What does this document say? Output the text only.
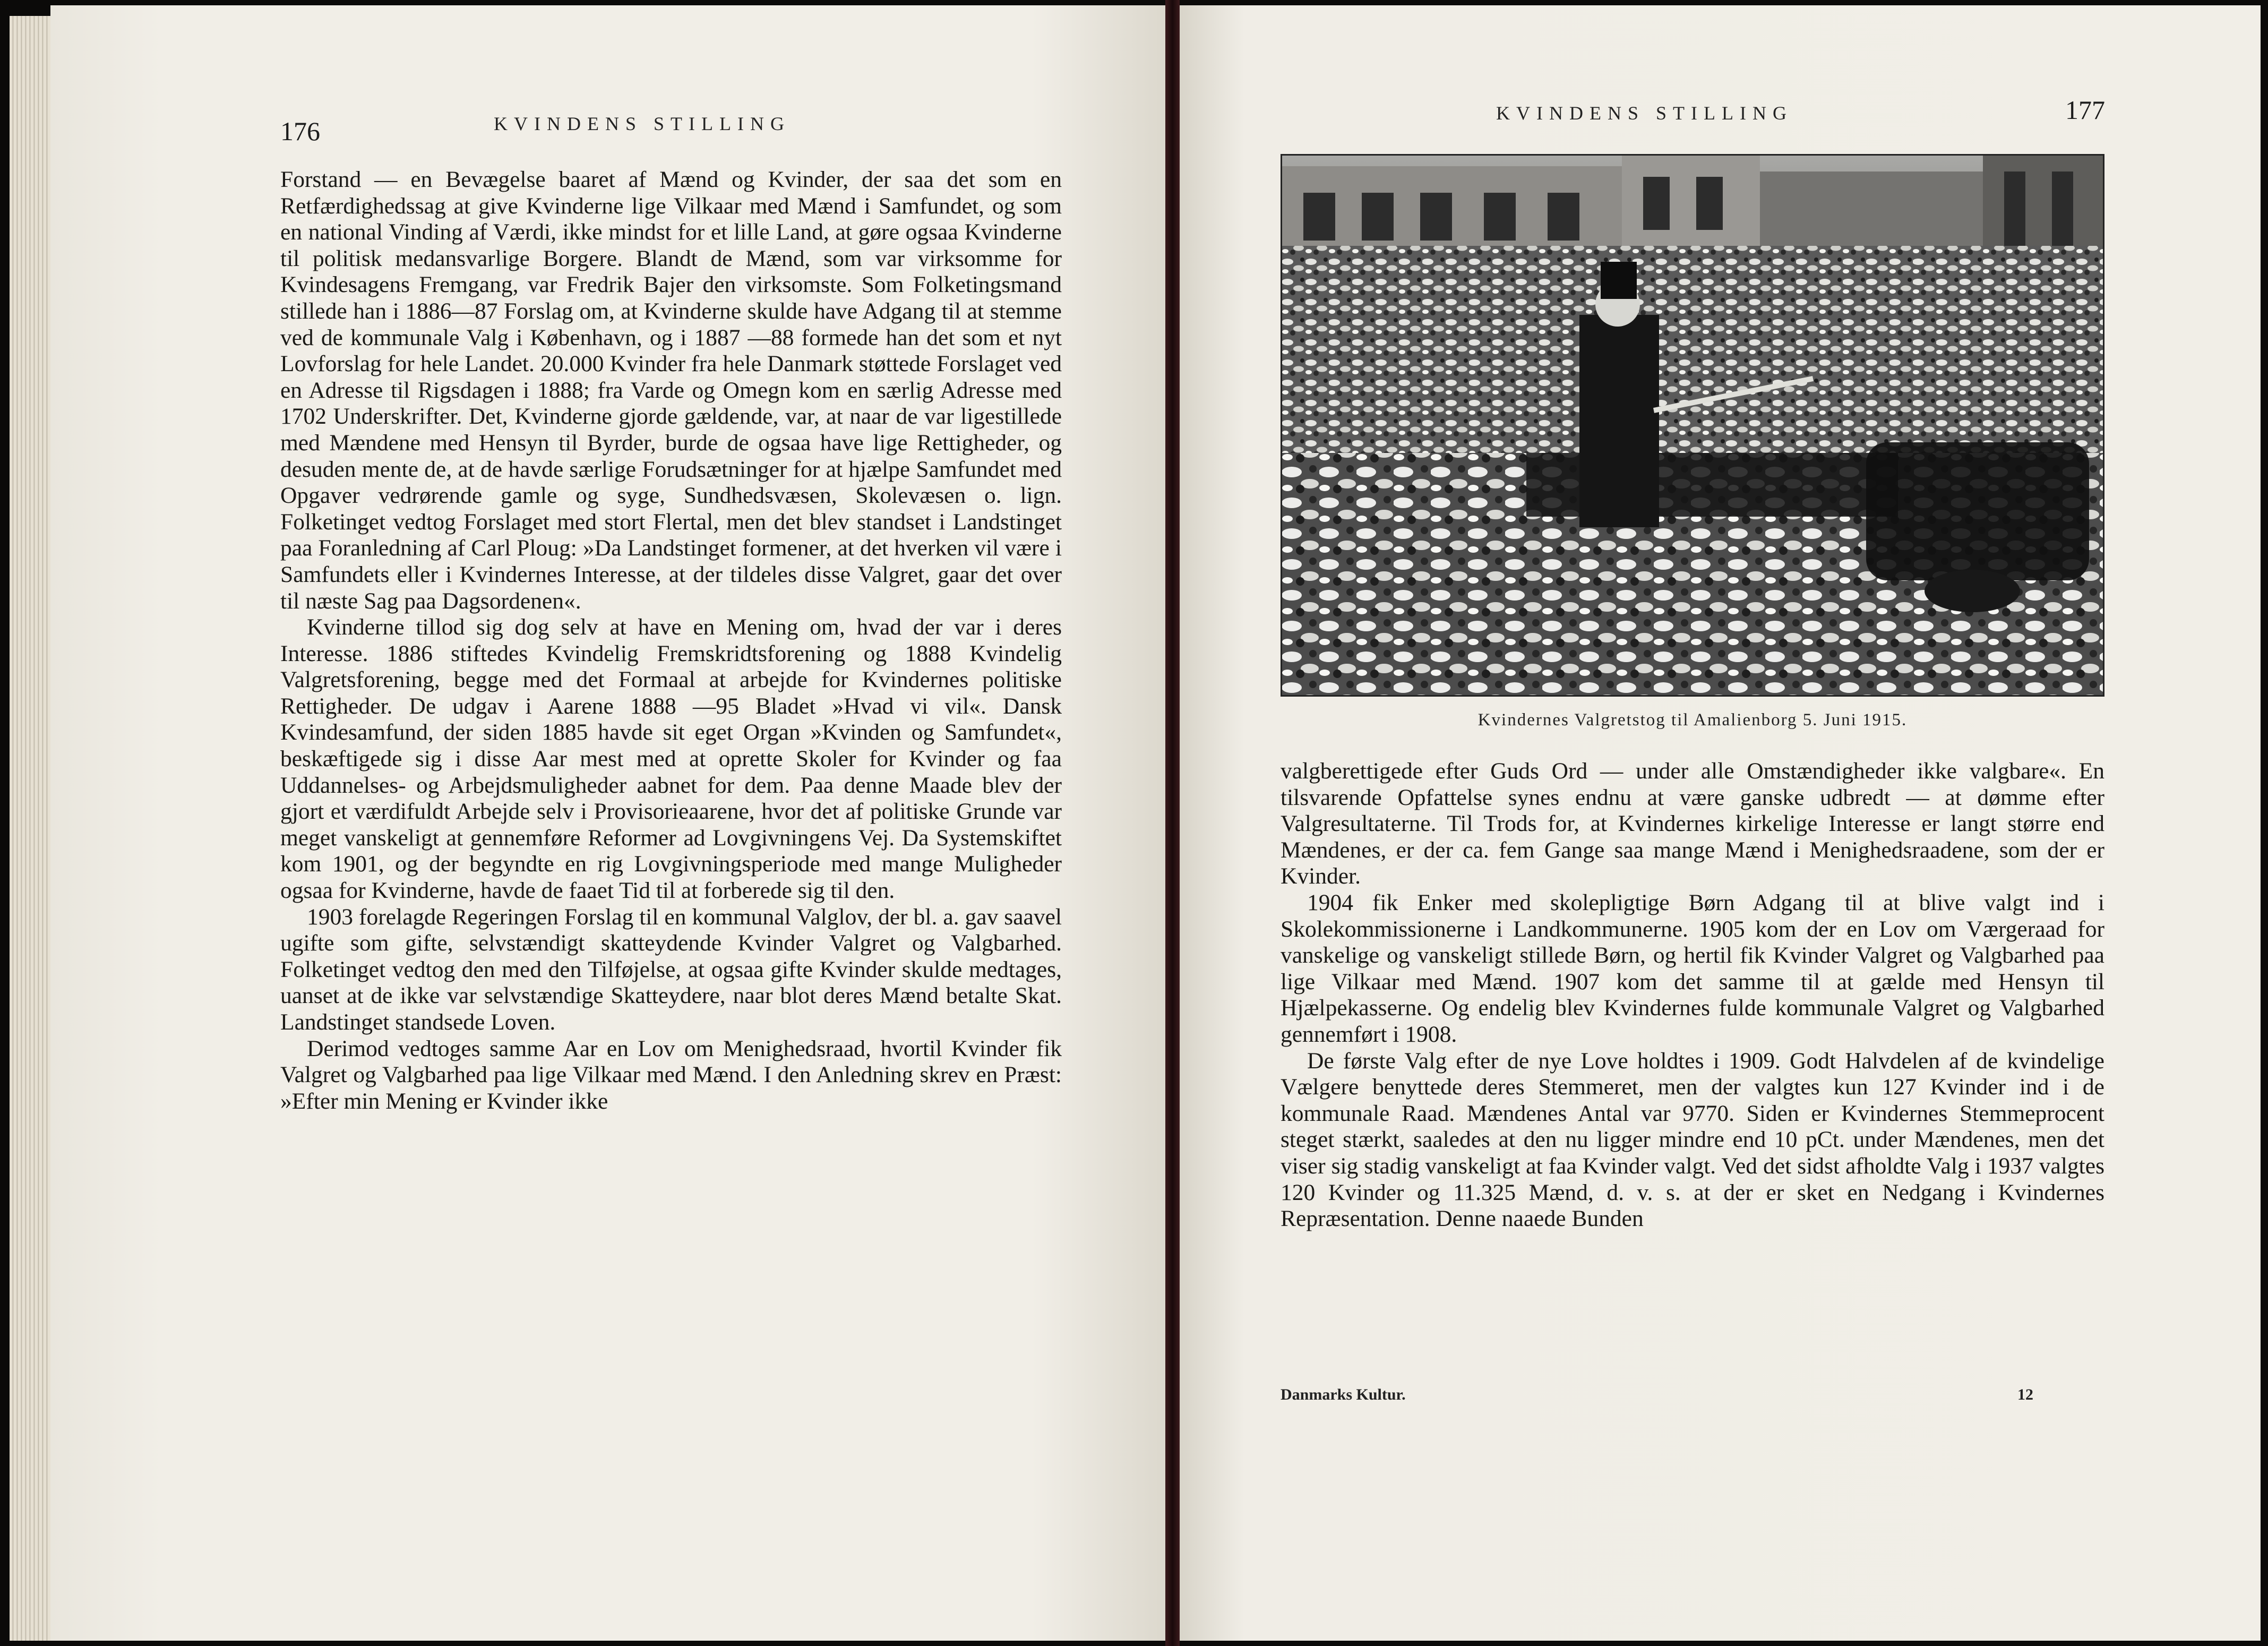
176	KVINDENS STILLING

Forstand — en Bevægelse baaret af Mænd og Kvinder, der saa det som en Retfærdighedssag at give Kvinderne lige Vilkaar med Mænd i Samfundet, og som en national Vinding af Værdi, ikke mindst for et lille Land, at gøre ogsaa Kvinderne til politisk medansvarlige Borgere. Blandt de Mænd, som var virksomme for Kvindesagens Fremgang, var Fredrik Bajer den virksomste. Som Folketingsmand stillede han i 1886—87 Forslag om, at Kvinderne skulde have Adgang til at stemme ved de kommunale Valg i København, og i 1887 —88 formede han det som et nyt Lovforslag for hele Landet. 20.000 Kvinder fra hele Danmark støttede Forslaget ved en Adresse til Rigsdagen i 1888; fra Varde og Omegn kom en særlig Adresse med 1702 Underskrifter. Det, Kvinderne gjorde gældende, var, at naar de var ligestillede med Mændene med Hensyn til Byrder, burde de ogsaa have lige Rettigheder, og desuden mente de, at de havde særlige Forudsætninger for at hjælpe Samfundet med Opgaver vedrørende gamle og syge, Sundhedsvæsen, Skolevæsen o. lign. Folketinget vedtog Forslaget med stort Flertal, men det blev standset i Landstinget paa Foranledning af Carl Ploug: »Da Landstinget formener, at det hverken vil være i Samfundets eller i Kvindernes Interesse, at der tildeles disse Valgret, gaar det over til næste Sag paa Dagsordenen«.

Kvinderne tillod sig dog selv at have en Mening om, hvad der var i deres Interesse. 1886 stiftedes Kvindelig Fremskridtsforening og 1888 Kvindelig Valgretsforening, begge med det Formaal at arbejde for Kvindernes politiske Rettigheder. De udgav i Aarene 1888 —95 Bladet »Hvad vi vil«. Dansk Kvindesamfund, der siden 1885 havde sit eget Organ »Kvinden og Samfundet«, beskæftigede sig i disse Aar mest med at oprette Skoler for Kvinder og faa Uddannelses- og Arbejdsmuligheder aabnet for dem. Paa denne Maade blev der gjort et værdifuldt Arbejde selv i Provisorieaarene, hvor det af politiske Grunde var meget vanskeligt at gennemføre Reformer ad Lovgivningens Vej. Da Systemskiftet kom 1901, og der begyndte en rig Lovgivningsperiode med mange Muligheder ogsaa for Kvinderne, havde de faaet Tid til at forberede sig til den.

1903 forelagde Regeringen Forslag til en kommunal Valglov, der bl. a. gav saavel ugifte som gifte, selvstændigt skatteydende Kvinder Valgret og Valgbarhed. Folketinget vedtog den med den Tilføjelse, at ogsaa gifte Kvinder skulde medtages, uanset at de ikke var selvstændige Skatteydere, naar blot deres Mænd betalte Skat. Landstinget standsede Loven.

Derimod vedtoges samme Aar en Lov om Menighedsraad, hvortil Kvinder fik Valgret og Valgbarhed paa lige Vilkaar med Mænd. I den Anledning skrev en Præst: »Efter min Mening er Kvinder ikke

KVINDENS STILLING	177
Kvindernes Valgretstog til Amalienborg 5. Juni 1915.

valgberettigede efter Guds Ord — under alle Omstændigheder ikke valgbare«. En tilsvarende Opfattelse synes endnu at være ganske udbredt — at dømme efter Valgresultaterne. Til Trods for, at Kvindernes kirkelige Interesse er langt større end Mændenes, er der ca. fem Gange saa mange Mænd i Menighedsraadene, som der er Kvinder.

1904 fik Enker med skolepligtige Børn Adgang til at blive valgt ind i Skolekommissionerne i Landkommunerne. 1905 kom der en Lov om Værgeraad for vanskelige og vanskeligt stillede Børn, og hertil fik Kvinder Valgret og Valgbarhed paa lige Vilkaar med Mænd. 1907 kom det samme til at gælde med Hensyn til Hjælpekasserne. Og endelig blev Kvindernes fulde kommunale Valgret og Valgbarhed gennemført i 1908.

De første Valg efter de nye Love holdtes i 1909. Godt Halvdelen af de kvindelige Vælgere benyttede deres Stemmeret, men der valgtes kun 127 Kvinder ind i de kommunale Raad. Mændenes Antal var 9770. Siden er Kvindernes Stemmeprocent steget stærkt, saaledes at den nu ligger mindre end 10 pCt. under Mændenes, men det viser sig stadig vanskeligt at faa Kvinder valgt. Ved det sidst afholdte Valg i 1937 valgtes 120 Kvinder og 11.325 Mænd, d. v. s. at der er sket en Nedgang i Kvindernes Repræsentation. Denne naaede Bunden

Danmarks Kultur.	12
